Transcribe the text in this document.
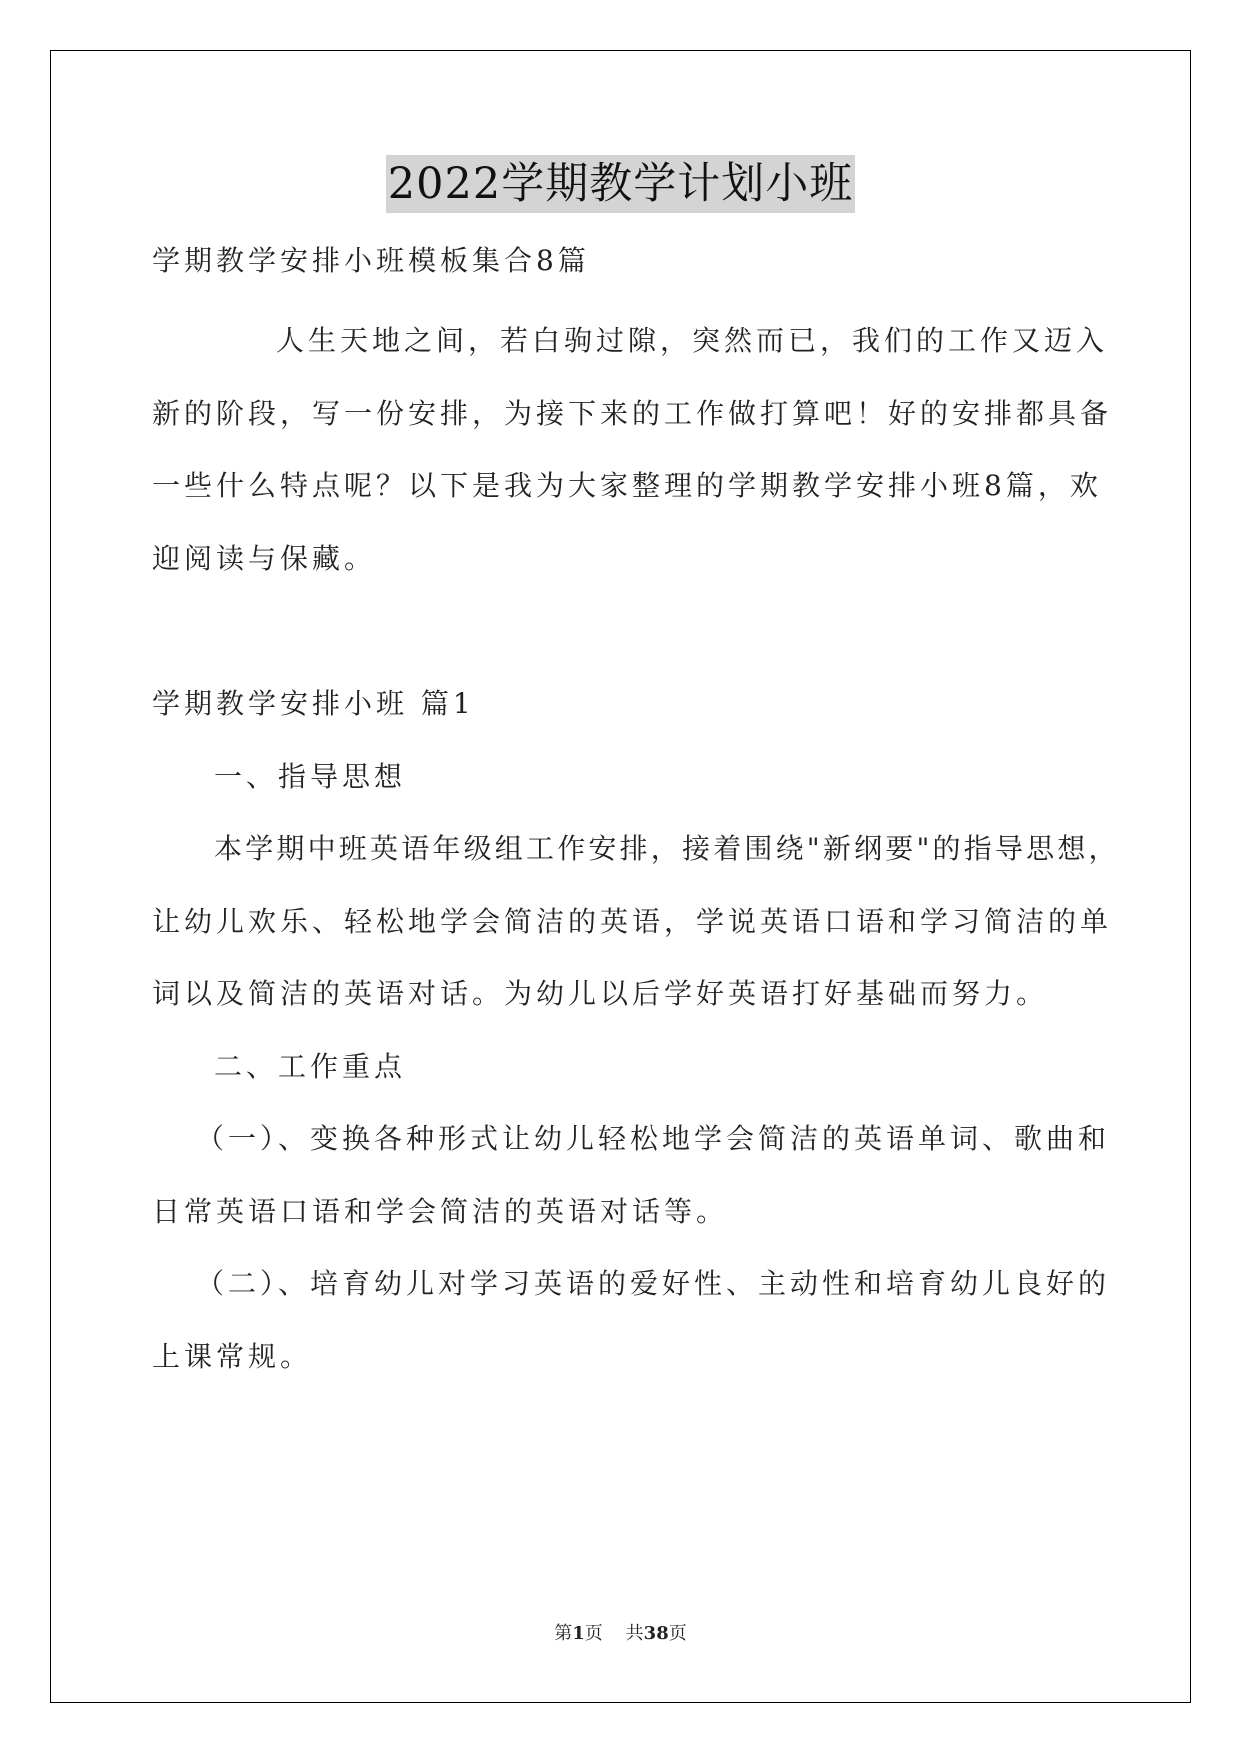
2022学期教学计划小班
学期教学安排小班模板集合8篇
人生天地之间，若白驹过隙，突然而已，我们的工作又迈入
新的阶段，写一份安排，为接下来的工作做打算吧！好的安排都具备
一些什么特点呢？以下是我为大家整理的学期教学安排小班8篇，欢
迎阅读与保藏。
学期教学安排小班 篇1
一、指导思想
本学期中班英语年级组工作安排，接着围绕"新纲要"的指导思想，
让幼儿欢乐、轻松地学会简洁的英语，学说英语口语和学习简洁的单
词以及简洁的英语对话。为幼儿以后学好英语打好基础而努力。
二、工作重点
（一）、变换各种形式让幼儿轻松地学会简洁的英语单词、歌曲和
日常英语口语和学会简洁的英语对话等。
（二）、培育幼儿对学习英语的爱好性、主动性和培育幼儿良好的
上课常规。
第1页 共38页
